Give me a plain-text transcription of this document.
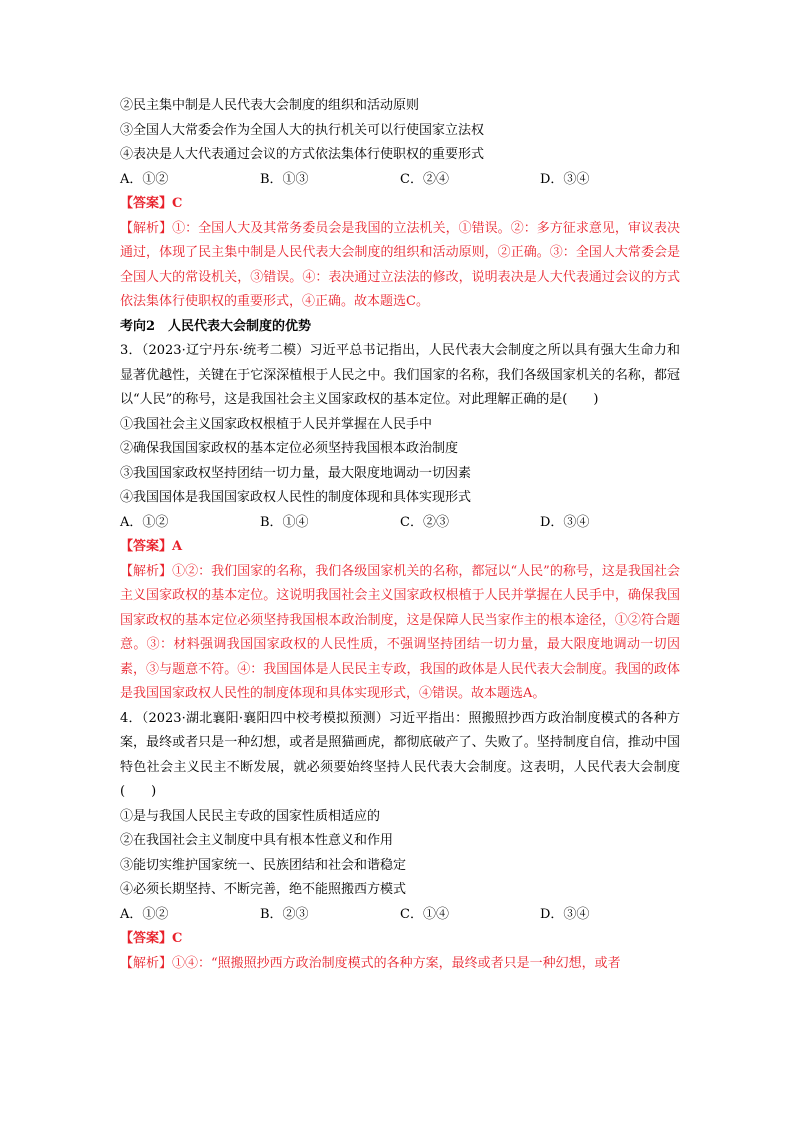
②民主集中制是人民代表大会制度的组织和活动原则
③全国人大常委会作为全国人大的执行机关可以行使国家立法权
④表决是人大代表通过会议的方式依法集体行使职权的重要形式
A．①②	B．①③	C．②④	D．③④
【答案】C
【解析】①：全国人大及其常务委员会是我国的立法机关，①错误。②：多方征求意见，审议表决通过，体现了民主集中制是人民代表大会制度的组织和活动原则，②正确。③：全国人大常委会是全国人大的常设机关，③错误。④：表决通过立法法的修改，说明表决是人大代表通过会议的方式依法集体行使职权的重要形式，④正确。故本题选C。
考向2　人民代表大会制度的优势
3．（2023·辽宁丹东·统考二模）习近平总书记指出，人民代表大会制度之所以具有强大生命力和显著优越性，关键在于它深深植根于人民之中。我们国家的名称，我们各级国家机关的名称，都冠以“人民”的称号，这是我国社会主义国家政权的基本定位。对此理解正确的是(　　)
①我国社会主义国家政权根植于人民并掌握在人民手中
②确保我国国家政权的基本定位必须坚持我国根本政治制度
③我国国家政权坚持团结一切力量，最大限度地调动一切因素
④我国国体是我国国家政权人民性的制度体现和具体实现形式
A．①②	B．①④	C．②③	D．③④
【答案】A
【解析】①②：我们国家的名称，我们各级国家机关的名称，都冠以“人民”的称号，这是我国社会主义国家政权的基本定位。这说明我国社会主义国家政权根植于人民并掌握在人民手中，确保我国国家政权的基本定位必须坚持我国根本政治制度，这是保障人民当家作主的根本途径，①②符合题意。③：材料强调我国国家政权的人民性质，不强调坚持团结一切力量，最大限度地调动一切因素，③与题意不符。④：我国国体是人民民主专政，我国的政体是人民代表大会制度。我国的政体是我国国家政权人民性的制度体现和具体实现形式，④错误。故本题选A。
4．（2023·湖北襄阳·襄阳四中校考模拟预测）习近平指出：照搬照抄西方政治制度模式的各种方案，最终或者只是一种幻想，或者是照猫画虎，都彻底破产了、失败了。坚持制度自信，推动中国特色社会主义民主不断发展，就必须要始终坚持人民代表大会制度。这表明，人民代表大会制度(　　)
①是与我国人民民主专政的国家性质相适应的
②在我国社会主义制度中具有根本性意义和作用
③能切实维护国家统一、民族团结和社会和谐稳定
④必须长期坚持、不断完善，绝不能照搬西方模式
A．①②	B．②③	C．①④	D．③④
【答案】C
【解析】①④：“照搬照抄西方政治制度模式的各种方案，最终或者只是一种幻想，或者
